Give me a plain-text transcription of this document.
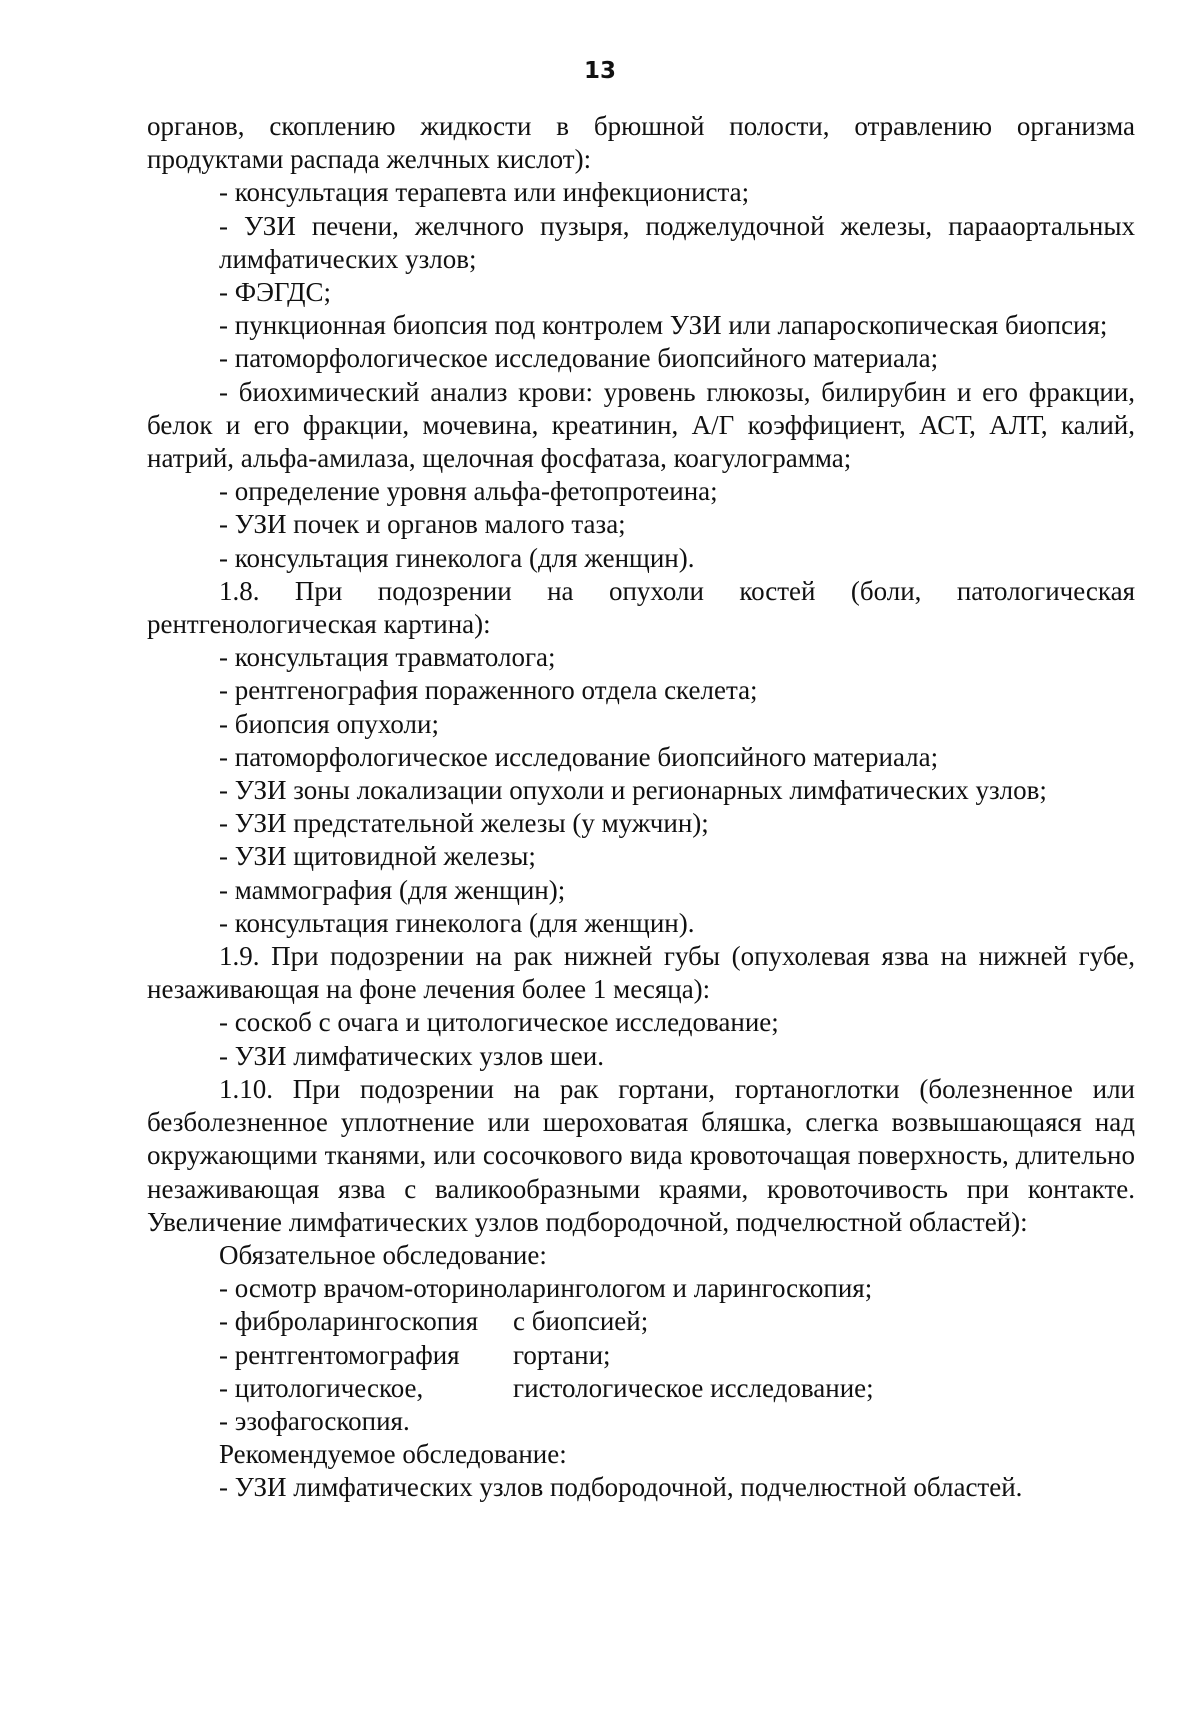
13
органов, скоплению жидкости в брюшной полости, отравлению организма продуктами распада желчных кислот):
- консультация терапевта или инфекциониста;
- УЗИ печени, желчного пузыря, поджелудочной железы, парааортальных лимфатических узлов;
- ФЭГДС;
- пункционная биопсия под контролем УЗИ или лапароскопическая биопсия;
- патоморфологическое исследование биопсийного материала;
- биохимический анализ крови: уровень глюкозы, билирубин и его фракции, белок и его фракции, мочевина, креатинин, А/Г коэффициент, АСТ, АЛТ, калий, натрий, альфа-амилаза, щелочная фосфатаза, коагулограмма;
- определение уровня альфа-фетопротеина;
- УЗИ почек и органов малого таза;
- консультация гинеколога (для женщин).
1.8. При подозрении на опухоли костей (боли, патологическая рентгенологическая картина):
- консультация травматолога;
- рентгенография пораженного отдела скелета;
- биопсия опухоли;
- патоморфологическое исследование биопсийного материала;
- УЗИ зоны локализации опухоли и регионарных лимфатических узлов;
- УЗИ предстательной железы (у мужчин);
- УЗИ щитовидной железы;
- маммография (для женщин);
- консультация гинеколога (для женщин).
1.9. При подозрении на рак нижней губы (опухолевая язва на нижней губе, незаживающая на фоне лечения более 1 месяца):
- соскоб с очага и цитологическое исследование;
- УЗИ лимфатических узлов шеи.
1.10. При подозрении на рак гортани, гортаноглотки (болезненное или безболезненное уплотнение или шероховатая бляшка, слегка возвышающаяся над окружающими тканями, или сосочкового вида кровоточащая поверхность, длительно незаживающая язва с валикообразными краями, кровоточивость при контакте. Увеличение лимфатических узлов подбородочной, подчелюстной областей):
Обязательное обследование:
- осмотр врачом-оториноларингологом и ларингоскопия;
- фиброларингоскопия	с биопсией;
- рентгентомография	гортани;
- цитологическое,	гистологическое исследование;
- эзофагоскопия.
Рекомендуемое обследование:
- УЗИ лимфатических узлов подбородочной, подчелюстной областей.
